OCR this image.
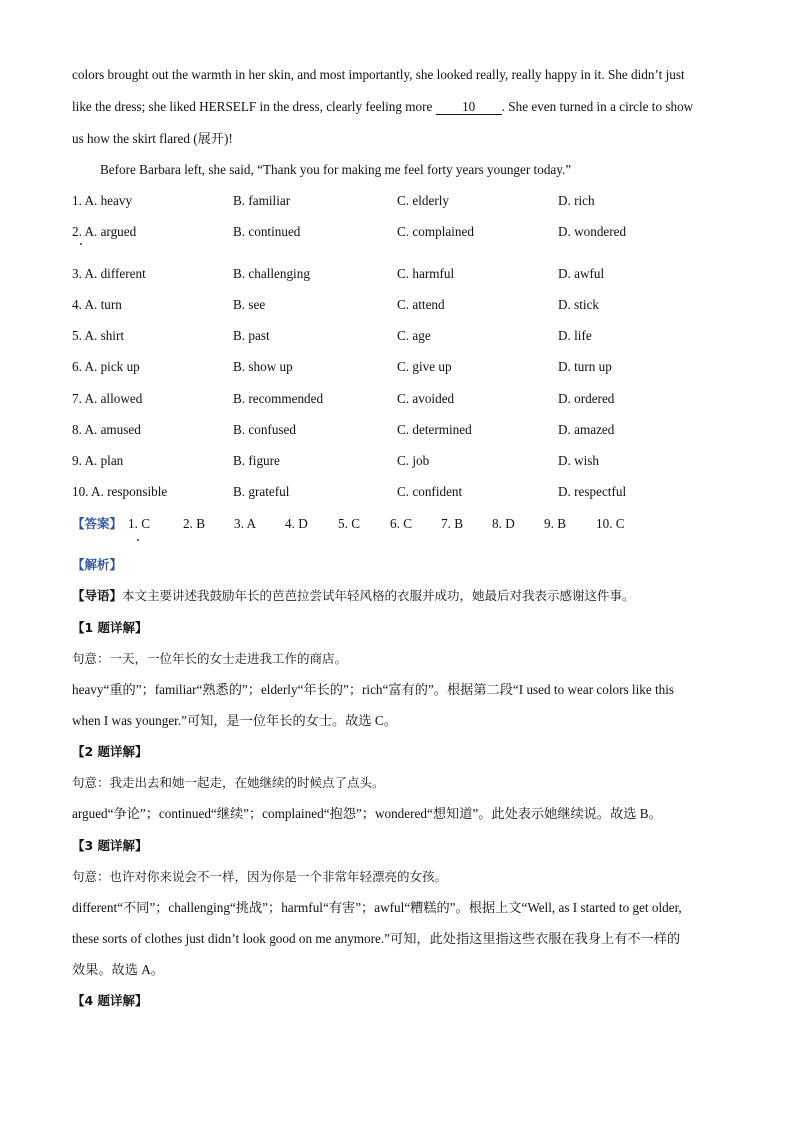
colors brought out the warmth in her skin, and most importantly, she looked really, really happy in it. She didn’t just
like the dress; she liked HERSELF in the dress, clearly feeling more 10 . She even turned in a circle to show
us how the skirt flared (展开)!
Before Barbara left, she said, “Thank you for making me feel forty years younger today.”
1. A. heavy	B. familiar	C. elderly	D. rich
2. A. argued	B. continued	C. complained	D. wondered
3. A. different	B. challenging	C. harmful	D. awful
4. A. turn	B. see	C. attend	D. stick
5. A. shirt	B. past	C. age	D. life
6. A. pick up	B. show up	C. give up	D. turn up
7. A. allowed	B. recommended	C. avoided	D. ordered
8. A. amused	B. confused	C. determined	D. amazed
9. A. plan	B. figure	C. job	D. wish
10. A. responsible	B. grateful	C. confident	D. respectful
【答案】 1. C	2. B 3. A 4. D 5. C 6. C 7. B 8. D 9. B 10. C
【解析】
【导语】本文主要讲述我鼓励年长的芭芭拉尝试年轻风格的衣服并成功，她最后对我表示感谢这件事。
【1 题详解】
句意：一天，一位年长的女士走进我工作的商店。
heavy“重的”；familiar“熟悉的”；elderly“年长的”；rich“富有的”。根据第二段“I used to wear colors like this
when I was younger.”可知，是一位年长的女士。故选 C。
【2 题详解】
句意：我走出去和她一起走，在她继续的时候点了点头。
argued“争论”；continued“继续”；complained“抱怨”；wondered“想知道”。此处表示她继续说。故选 B。
【3 题详解】
句意：也许对你来说会不一样，因为你是一个非常年轻漂亮的女孩。
different“不同”；challenging“挑战”；harmful“有害”；awful“糟糕的”。根据上文“Well, as I started to get older,
these sorts of clothes just didn’t look good on me anymore.”可知，此处指这里指这些衣服在我身上有不一样的
效果。故选 A。
【4 题详解】
